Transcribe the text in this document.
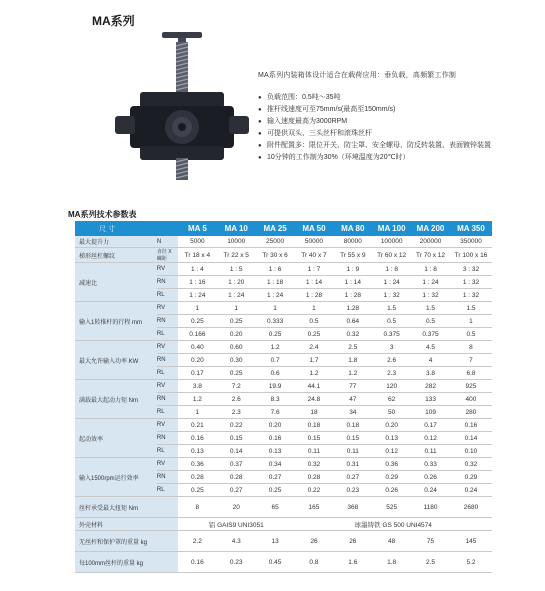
MA系列
MA系列内装箱体设计适合在载荷应用：垂负载，高频繁工作制
● 负载范围：0.5吨～35吨
● 推杆线速度可至75mm/s(最高至150mm/s)
● 输入速度最高为3000RPM
● 可提供双头、三头丝杆和滚珠丝杆
● 附件配置多：限位开关、防尘罩、安全螺母、防反转装置、表面镀锌装置
● 10分钟的工作制为30%（环境温度为20℃时）
MA系列技术参数表
尺 寸		MA 5	MA 10	MA 25	MA 50	MA 80	MA 100	MA 200	MA 350
最大提升力	N	5000	10000	25000	50000	80000	100000	200000	350000
梯形丝杠螺纹	直径 X 螺距	Tr 18 x 4	Tr 22 x 5	Tr 30 x 6	Tr 40 x 7	Tr 55 x 9	Tr 60 x 12	Tr 70 x 12	Tr 100 x 16
减速比	RV	1 : 4	1 : 5	1 : 6	1 : 7	1 : 9	1 : 8	1 : 8	3 : 32
	RN	1 : 16	1 : 20	1 : 18	1 : 14	1 : 14	1 : 24	1 : 24	1 : 32
	RL	1 : 24	1 : 24	1 : 24	1 : 28	1 : 28	1 : 32	1 : 32	1 : 32
输入1转推杆的行程 mm	RV	1	1	1	1	1.28	1.5	1.5	1.5
	RN	0.25	0.25	0.333	0.5	0.64	0.5	0.5	1
	RL	0.166	0.20	0.25	0.25	0.32	0.375	0.375	0.5
最大允许输入功率 KW	RV	0.40	0.60	1.2	2.4	2.5	3	4.5	8
	RN	0.20	0.30	0.7	1.7	1.8	2.6	4	7
	RL	0.17	0.25	0.6	1.2	1.2	2.3	3.8	6.8
满载最大起动力矩 Nm	RV	3.8	7.2	19.9	44.1	77	120	282	925
	RN	1.2	2.6	8.3	24.8	47	62	133	400
	RL	1	2.3	7.6	18	34	50	109	280
起动效率	RV	0.21	0.22	0.20	0.18	0.18	0.20	0.17	0.16
	RN	0.16	0.15	0.16	0.15	0.15	0.13	0.12	0.14
	RL	0.13	0.14	0.13	0.11	0.11	0.12	0.11	0.10
输入1500rpm运行效率	RV	0.36	0.37	0.34	0.32	0.31	0.36	0.33	0.32
	RN	0.28	0.28	0.27	0.28	0.27	0.29	0.26	0.29
	RL	0.25	0.27	0.25	0.22	0.23	0.26	0.24	0.24
丝杆承受最大扭矩 Nm		8	20	65	165	368	525	1180	2680
外壳材料		铝 GAIS9 UNI3051			球墨铸铁 GS 500 UNI4574				
无丝杆和保护罩的重量 kg		2.2	4.3	13	26	26	48	75	145
每100mm丝杆的重量 kg		0.16	0.23	0.45	0.8	1.6	1.8	2.5	5.2
